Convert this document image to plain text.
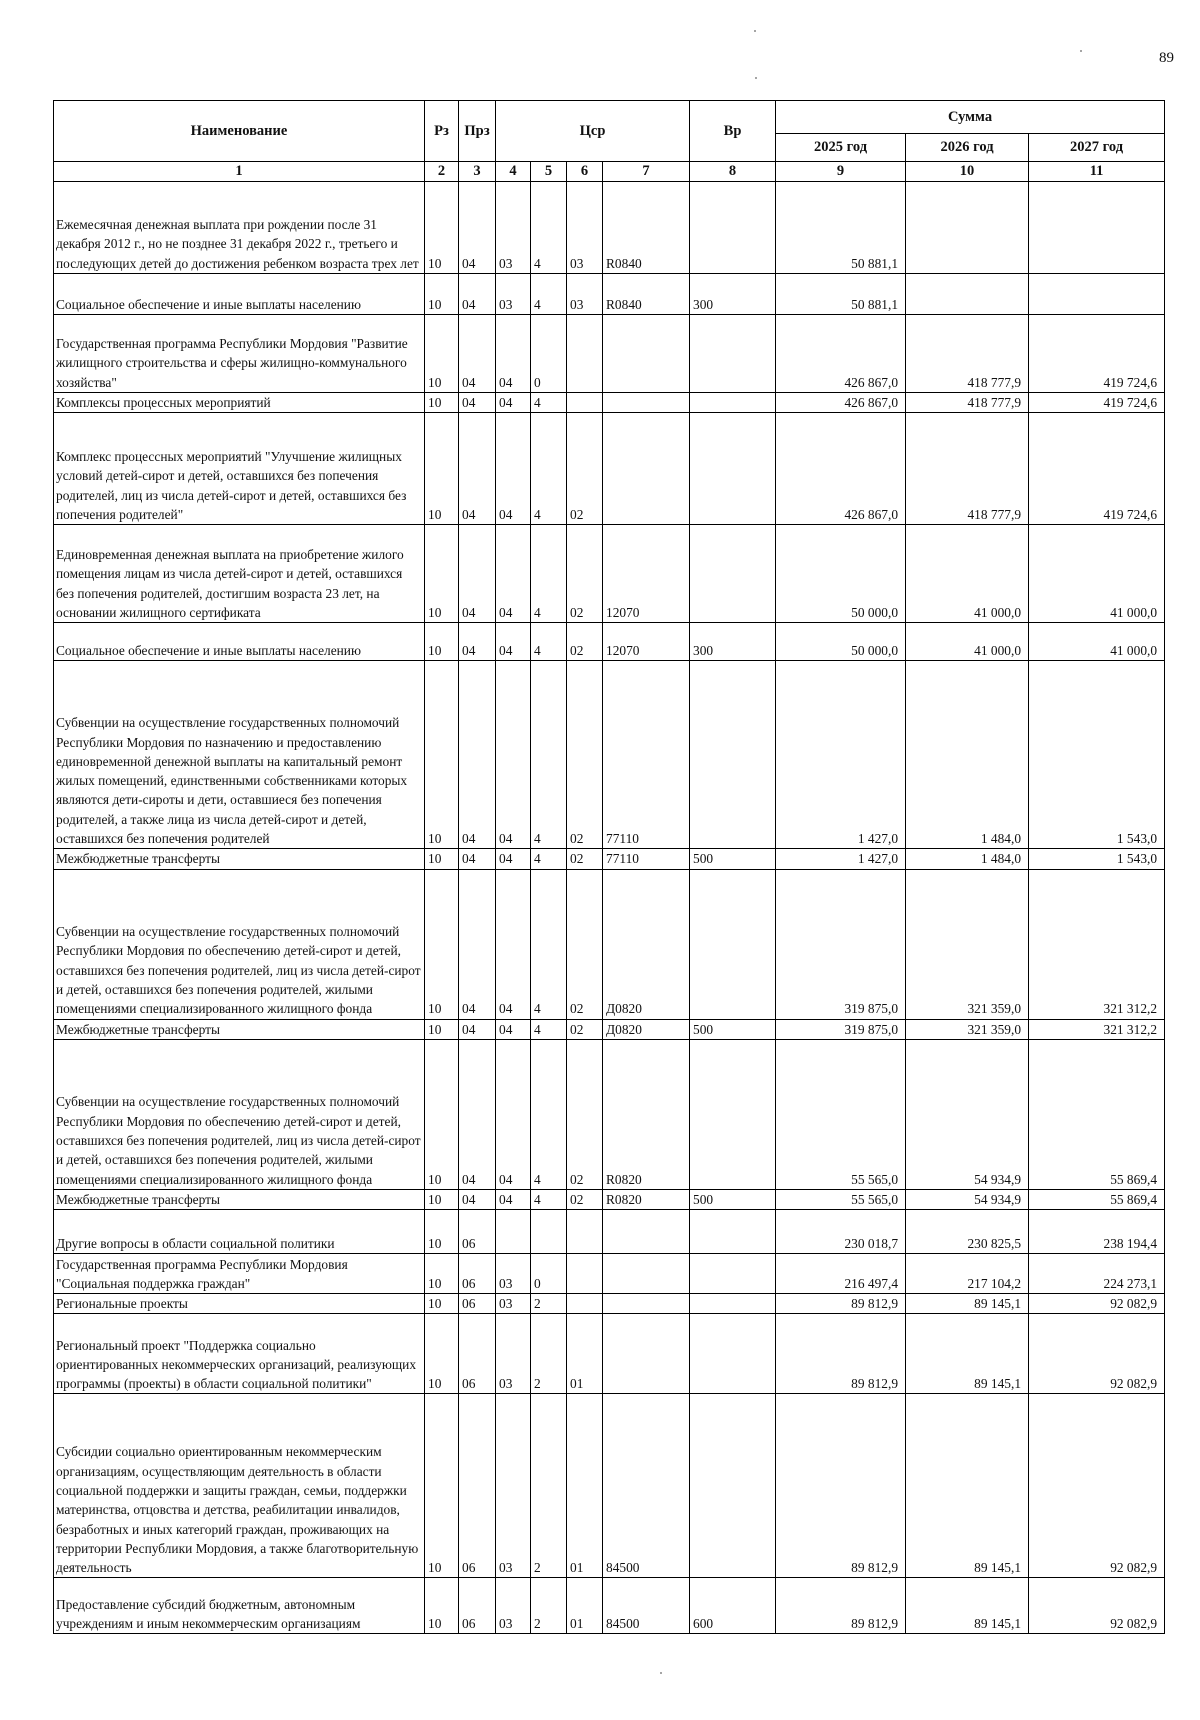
89
Наименование	Рз	Прз	Цср				Вр	Сумма		
								2025 год	2026 год	2027 год
1	2	3	4	5	6	7	8	9	10	11
Ежемесячная денежная выплата при рождении после 31 декабря 2012 г., но не позднее 31 декабря 2022 г., третьего и последующих детей до достижения ребенком возраста трех лет	10	04	03	4	03	R0840		50 881,1		
Социальное обеспечение и иные выплаты населению	10	04	03	4	03	R0840	300	50 881,1		
Государственная программа Республики Мордовия "Развитие жилищного строительства и сферы жилищно-коммунального хозяйства"	10	04	04	0				426 867,0	418 777,9	419 724,6
Комплексы процессных мероприятий	10	04	04	4				426 867,0	418 777,9	419 724,6
Комплекс процессных мероприятий "Улучшение жилищных условий детей-сирот и детей, оставшихся без попечения родителей, лиц из числа детей-сирот и детей, оставшихся без попечения родителей"	10	04	04	4	02			426 867,0	418 777,9	419 724,6
Единовременная денежная выплата на приобретение жилого помещения лицам из числа детей-сирот и детей, оставшихся без попечения родителей, достигшим возраста 23 лет, на основании жилищного сертификата	10	04	04	4	02	12070		50 000,0	41 000,0	41 000,0
Социальное обеспечение и иные выплаты населению	10	04	04	4	02	12070	300	50 000,0	41 000,0	41 000,0
Субвенции на осуществление государственных полномочий Республики Мордовия по назначению и предоставлению единовременной денежной выплаты на капитальный ремонт жилых помещений, единственными собственниками которых являются дети-сироты и дети, оставшиеся без попечения родителей, а также лица из числа детей-сирот и детей, оставшихся без попечения родителей	10	04	04	4	02	77110		1 427,0	1 484,0	1 543,0
Межбюджетные трансферты	10	04	04	4	02	77110	500	1 427,0	1 484,0	1 543,0
Субвенции на осуществление государственных полномочий Республики Мордовия по обеспечению детей-сирот и детей, оставшихся без попечения родителей, лиц из числа детей-сирот и детей, оставшихся без попечения родителей, жилыми помещениями специализированного жилищного фонда	10	04	04	4	02	Д0820		319 875,0	321 359,0	321 312,2
Межбюджетные трансферты	10	04	04	4	02	Д0820	500	319 875,0	321 359,0	321 312,2
Субвенции на осуществление государственных полномочий Республики Мордовия по обеспечению детей-сирот и детей, оставшихся без попечения родителей, лиц из числа детей-сирот и детей, оставшихся без попечения родителей, жилыми помещениями специализированного жилищного фонда	10	04	04	4	02	R0820		55 565,0	54 934,9	55 869,4
Межбюджетные трансферты	10	04	04	4	02	R0820	500	55 565,0	54 934,9	55 869,4
Другие вопросы в области социальной политики	10	06						230 018,7	230 825,5	238 194,4
Государственная программа Республики Мордовия "Социальная поддержка граждан"	10	06	03	0				216 497,4	217 104,2	224 273,1
Региональные проекты	10	06	03	2				89 812,9	89 145,1	92 082,9
Региональный проект "Поддержка социально ориентированных некоммерческих организаций, реализующих программы (проекты) в области социальной политики"	10	06	03	2	01			89 812,9	89 145,1	92 082,9
Субсидии социально ориентированным некоммерческим организациям, осуществляющим деятельность в области социальной поддержки и защиты граждан, семьи, поддержки материнства, отцовства и детства, реабилитации инвалидов, безработных и иных категорий граждан, проживающих на территории Республики Мордовия, а также благотворительную деятельность	10	06	03	2	01	84500		89 812,9	89 145,1	92 082,9
Предоставление субсидий бюджетным, автономным учреждениям и иным некоммерческим организациям	10	06	03	2	01	84500	600	89 812,9	89 145,1	92 082,9
